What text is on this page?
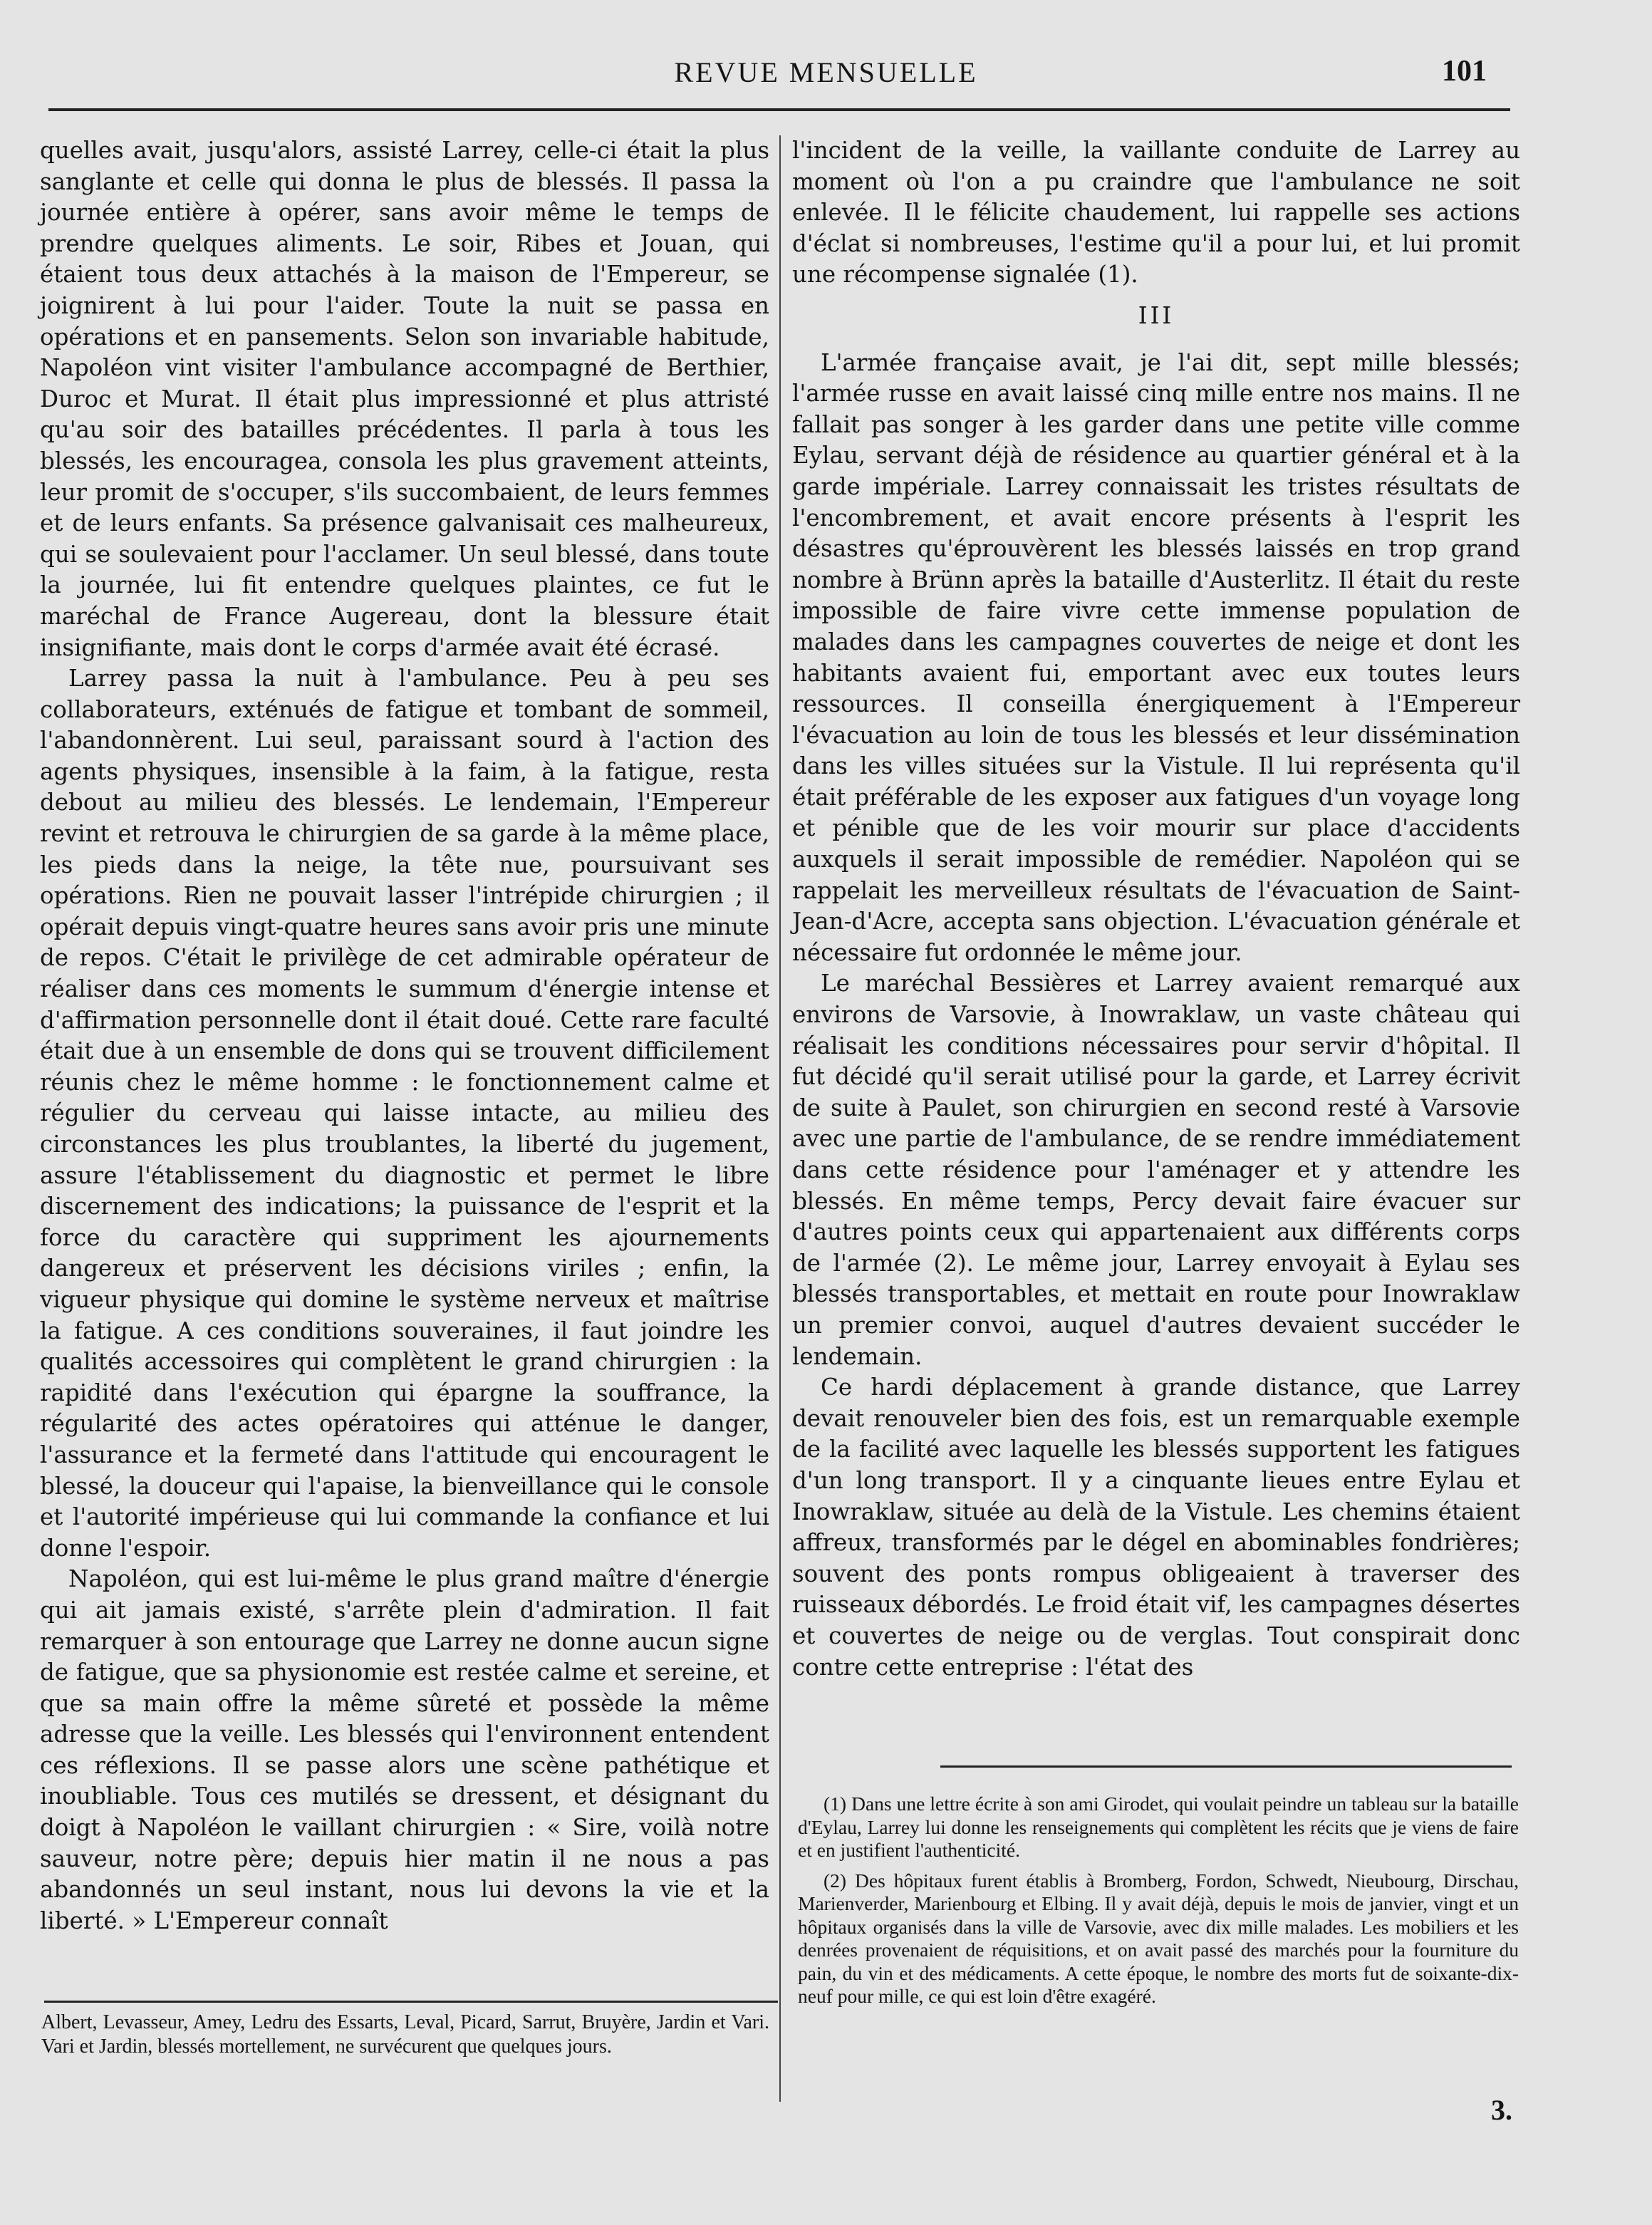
REVUE MENSUELLE	101

quelles avait, jusqu'alors, assisté Larrey, celle-ci était la plus sanglante et celle qui donna le plus de blessés. Il passa la journée entière à opérer, sans avoir même le temps de prendre quelques aliments. Le soir, Ribes et Jouan, qui étaient tous deux attachés à la maison de l'Empereur, se joignirent à lui pour l'aider. Toute la nuit se passa en opérations et en pansements. Selon son invariable habitude, Napoléon vint visiter l'ambulance accompagné de Berthier, Duroc et Murat. Il était plus impressionné et plus attristé qu'au soir des batailles précédentes. Il parla à tous les blessés, les encouragea, consola les plus gravement atteints, leur promit de s'occuper, s'ils succombaient, de leurs femmes et de leurs enfants. Sa présence galvanisait ces malheureux, qui se soulevaient pour l'acclamer. Un seul blessé, dans toute la journée, lui fit entendre quelques plaintes, ce fut le maréchal de France Augereau, dont la blessure était insignifiante, mais dont le corps d'armée avait été écrasé.

Larrey passa la nuit à l'ambulance. Peu à peu ses collaborateurs, exténués de fatigue et tombant de sommeil, l'abandonnèrent. Lui seul, paraissant sourd à l'action des agents physiques, insensible à la faim, à la fatigue, resta debout au milieu des blessés. Le lendemain, l'Empereur revint et retrouva le chirurgien de sa garde à la même place, les pieds dans la neige, la tête nue, poursuivant ses opérations. Rien ne pouvait lasser l'intrépide chirurgien ; il opérait depuis vingt-quatre heures sans avoir pris une minute de repos. C'était le privilège de cet admirable opérateur de réaliser dans ces moments le summum d'énergie intense et d'affirmation personnelle dont il était doué. Cette rare faculté était due à un ensemble de dons qui se trouvent difficilement réunis chez le même homme : le fonctionnement calme et régulier du cerveau qui laisse intacte, au milieu des circonstances les plus troublantes, la liberté du jugement, assure l'établissement du diagnostic et permet le libre discernement des indications; la puissance de l'esprit et la force du caractère qui suppriment les ajournements dangereux et préservent les décisions viriles ; enfin, la vigueur physique qui domine le système nerveux et maîtrise la fatigue. A ces conditions souveraines, il faut joindre les qualités accessoires qui complètent le grand chirurgien : la rapidité dans l'exécution qui épargne la souffrance, la régularité des actes opératoires qui atténue le danger, l'assurance et la fermeté dans l'attitude qui encouragent le blessé, la douceur qui l'apaise, la bienveillance qui le console et l'autorité impérieuse qui lui commande la confiance et lui donne l'espoir.

Napoléon, qui est lui-même le plus grand maître d'énergie qui ait jamais existé, s'arrête plein d'admiration. Il fait remarquer à son entourage que Larrey ne donne aucun signe de fatigue, que sa physionomie est restée calme et sereine, et que sa main offre la même sûreté et possède la même adresse que la veille. Les blessés qui l'environnent entendent ces réflexions. Il se passe alors une scène pathétique et inoubliable. Tous ces mutilés se dressent, et désignant du doigt à Napoléon le vaillant chirurgien : « Sire, voilà notre sauveur, notre père; depuis hier matin il ne nous a pas abandonnés un seul instant, nous lui devons la vie et la liberté. » L'Empereur connaît

l'incident de la veille, la vaillante conduite de Larrey au moment où l'on a pu craindre que l'ambulance ne soit enlevée. Il le félicite chaudement, lui rappelle ses actions d'éclat si nombreuses, l'estime qu'il a pour lui, et lui promit une récompense signalée (1).

III

L'armée française avait, je l'ai dit, sept mille blessés; l'armée russe en avait laissé cinq mille entre nos mains. Il ne fallait pas songer à les garder dans une petite ville comme Eylau, servant déjà de résidence au quartier général et à la garde impériale. Larrey connaissait les tristes résultats de l'encombrement, et avait encore présents à l'esprit les désastres qu'éprouvèrent les blessés laissés en trop grand nombre à Brünn après la bataille d'Austerlitz. Il était du reste impossible de faire vivre cette immense population de malades dans les campagnes couvertes de neige et dont les habitants avaient fui, emportant avec eux toutes leurs ressources. Il conseilla énergiquement à l'Empereur l'évacuation au loin de tous les blessés et leur dissémination dans les villes situées sur la Vistule. Il lui représenta qu'il était préférable de les exposer aux fatigues d'un voyage long et pénible que de les voir mourir sur place d'accidents auxquels il serait impossible de remédier. Napoléon qui se rappelait les merveilleux résultats de l'évacuation de Saint-Jean-d'Acre, accepta sans objection. L'évacuation générale et nécessaire fut ordonnée le même jour.

Le maréchal Bessières et Larrey avaient remarqué aux environs de Varsovie, à Inowraklaw, un vaste château qui réalisait les conditions nécessaires pour servir d'hôpital. Il fut décidé qu'il serait utilisé pour la garde, et Larrey écrivit de suite à Paulet, son chirurgien en second resté à Varsovie avec une partie de l'ambulance, de se rendre immédiatement dans cette résidence pour l'aménager et y attendre les blessés. En même temps, Percy devait faire évacuer sur d'autres points ceux qui appartenaient aux différents corps de l'armée (2). Le même jour, Larrey envoyait à Eylau ses blessés transportables, et mettait en route pour Inowraklaw un premier convoi, auquel d'autres devaient succéder le lendemain.

Ce hardi déplacement à grande distance, que Larrey devait renouveler bien des fois, est un remarquable exemple de la facilité avec laquelle les blessés supportent les fatigues d'un long transport. Il y a cinquante lieues entre Eylau et Inowraklaw, située au delà de la Vistule. Les chemins étaient affreux, transformés par le dégel en abominables fondrières; souvent des ponts rompus obligeaient à traverser des ruisseaux débordés. Le froid était vif, les campagnes désertes et couvertes de neige ou de verglas. Tout conspirait donc contre cette entreprise : l'état des

Albert, Levasseur, Amey, Ledru des Essarts, Leval, Picard, Sarrut, Bruyère, Jardin et Vari. Vari et Jardin, blessés mortellement, ne survécurent que quelques jours.

(1) Dans une lettre écrite à son ami Girodet, qui voulait peindre un tableau sur la bataille d'Eylau, Larrey lui donne les renseignements qui complètent les récits que je viens de faire et en justifient l'authenticité.

(2) Des hôpitaux furent établis à Bromberg, Fordon, Schwedt, Nieubourg, Dirschau, Marienverder, Marienbourg et Elbing. Il y avait déjà, depuis le mois de janvier, vingt et un hôpitaux organisés dans la ville de Varsovie, avec dix mille malades. Les mobiliers et les denrées provenaient de réquisitions, et on avait passé des marchés pour la fourniture du pain, du vin et des médicaments. A cette époque, le nombre des morts fut de soixante-dix-neuf pour mille, ce qui est loin d'être exagéré.

3.
